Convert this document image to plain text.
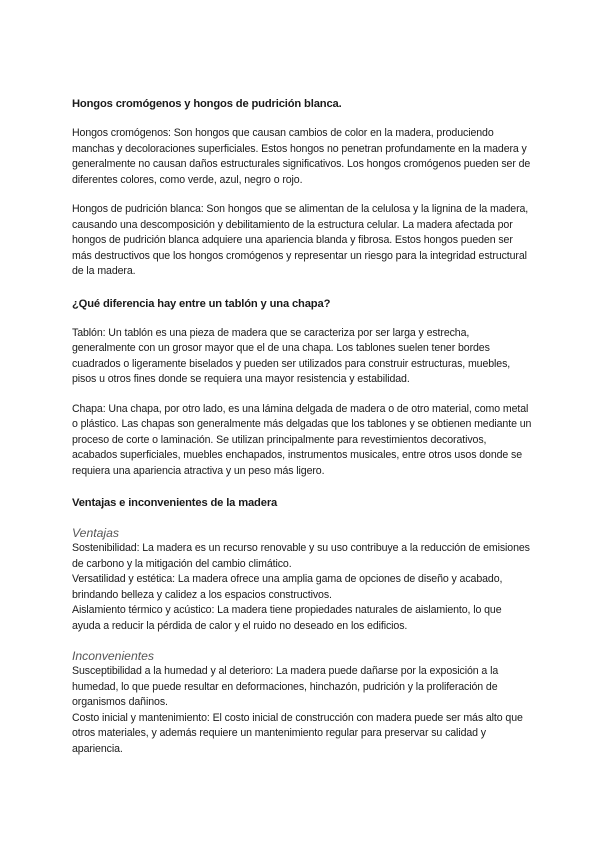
Hongos cromógenos y hongos de pudrición blanca.

Hongos cromógenos: Son hongos que causan cambios de color en la madera, produciendo manchas y decoloraciones superficiales. Estos hongos no penetran profundamente en la madera y generalmente no causan daños estructurales significativos. Los hongos cromógenos pueden ser de diferentes colores, como verde, azul, negro o rojo.

Hongos de pudrición blanca: Son hongos que se alimentan de la celulosa y la lignina de la madera, causando una descomposición y debilitamiento de la estructura celular. La madera afectada por hongos de pudrición blanca adquiere una apariencia blanda y fibrosa. Estos hongos pueden ser más destructivos que los hongos cromógenos y representar un riesgo para la integridad estructural de la madera.

¿Qué diferencia hay entre un tablón y una chapa?

Tablón: Un tablón es una pieza de madera que se caracteriza por ser larga y estrecha, generalmente con un grosor mayor que el de una chapa. Los tablones suelen tener bordes cuadrados o ligeramente biselados y pueden ser utilizados para construir estructuras, muebles, pisos u otros fines donde se requiera una mayor resistencia y estabilidad.

Chapa: Una chapa, por otro lado, es una lámina delgada de madera o de otro material, como metal o plástico. Las chapas son generalmente más delgadas que los tablones y se obtienen mediante un proceso de corte o laminación. Se utilizan principalmente para revestimientos decorativos, acabados superficiales, muebles enchapados, instrumentos musicales, entre otros usos donde se requiera una apariencia atractiva y un peso más ligero.

Ventajas e inconvenientes de la madera

Ventajas

Sostenibilidad: La madera es un recurso renovable y su uso contribuye a la reducción de emisiones de carbono y la mitigación del cambio climático.

Versatilidad y estética: La madera ofrece una amplia gama de opciones de diseño y acabado, brindando belleza y calidez a los espacios constructivos.

Aislamiento térmico y acústico: La madera tiene propiedades naturales de aislamiento, lo que ayuda a reducir la pérdida de calor y el ruido no deseado en los edificios.

Inconvenientes

Susceptibilidad a la humedad y al deterioro: La madera puede dañarse por la exposición a la humedad, lo que puede resultar en deformaciones, hinchazón, pudrición y la proliferación de organismos dañinos.

Costo inicial y mantenimiento: El costo inicial de construcción con madera puede ser más alto que otros materiales, y además requiere un mantenimiento regular para preservar su calidad y apariencia.
